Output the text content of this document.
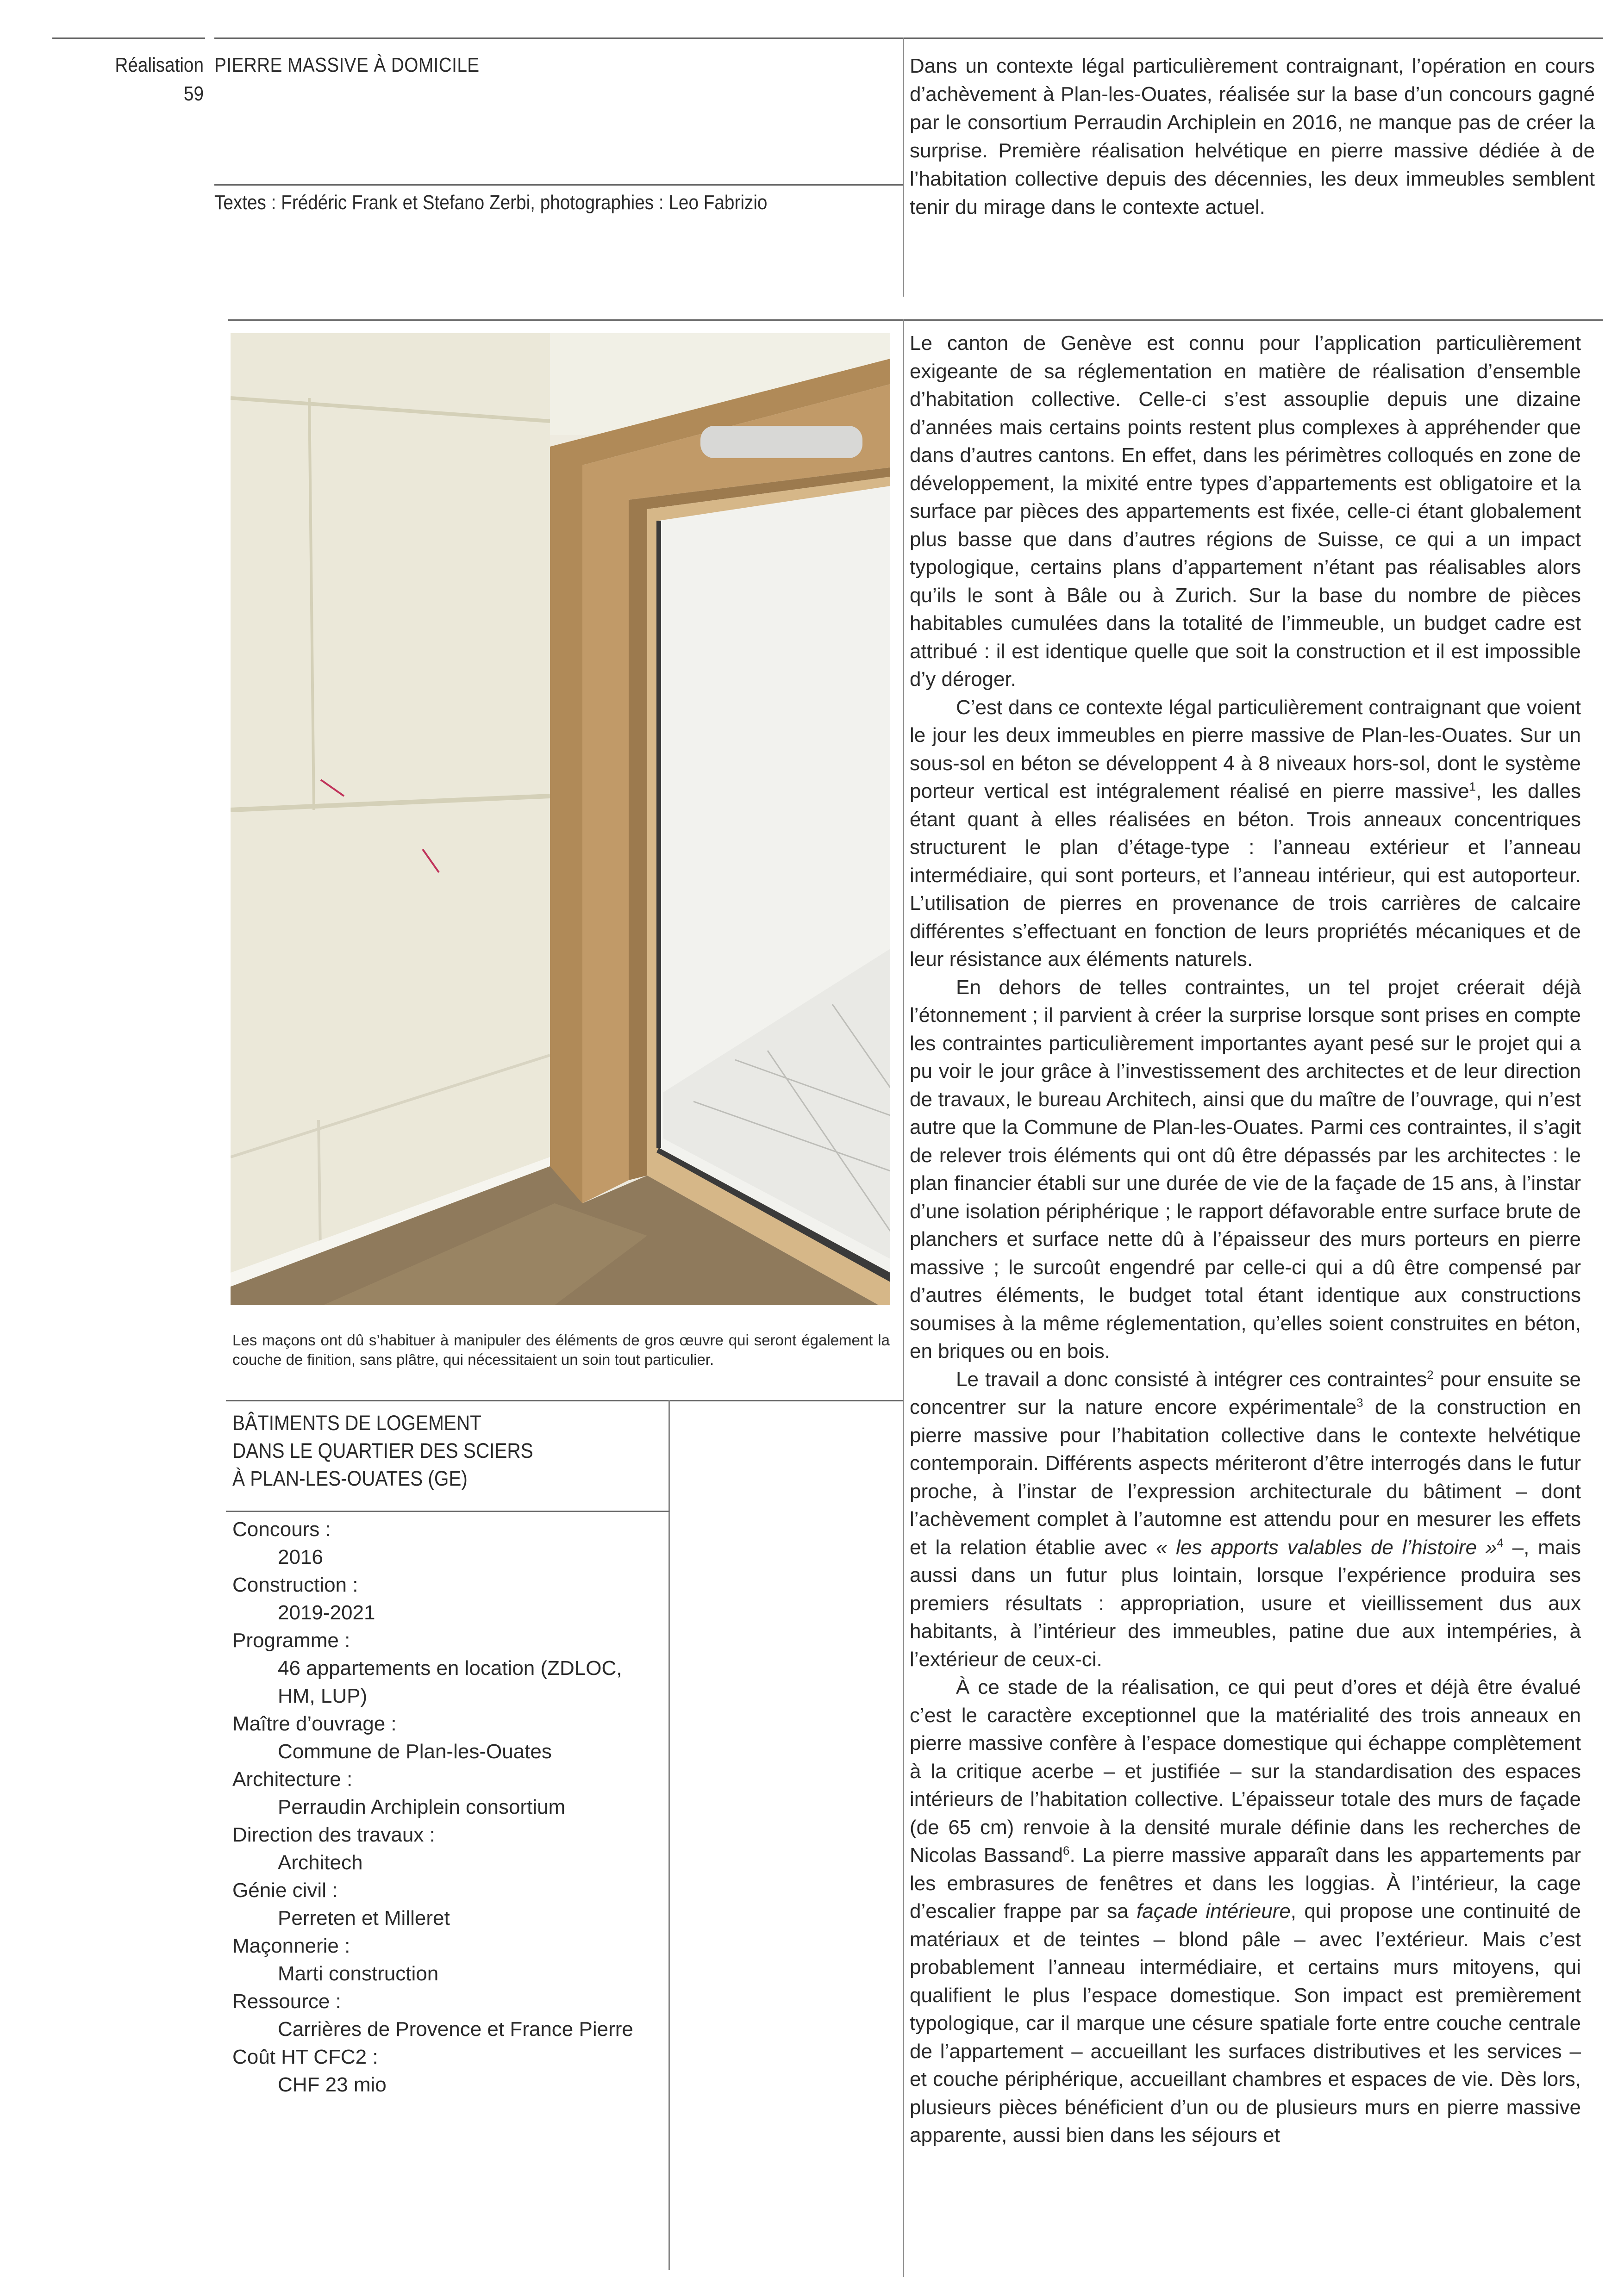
Réalisation
59
PIERRE MASSIVE À DOMICILE
Textes : Frédéric Frank et Stefano Zerbi, photographies : Leo Fabrizio
Dans un contexte légal particulièrement contraignant, l’opération en cours d’achèvement à Plan-les-Ouates, réalisée sur la base d’un concours gagné par le consortium Perraudin Archiplein en 2016, ne manque pas de créer la surprise. Première réalisation helvétique en pierre massive dédiée à de l’habitation collective depuis des décennies, les deux immeubles semblent tenir du mirage dans le contexte actuel.
Les maçons ont dû s’habituer à manipuler des éléments de gros œuvre qui seront également la couche de finition, sans plâtre, qui nécessitaient un soin tout particulier.
BÂTIMENTS DE LOGEMENT
DANS LE QUARTIER DES SCIERS
À PLAN-LES-OUATES (GE)
Concours :
2016
Construction :
2019-2021
Programme :
46 appartements en location (ZDLOC, HM, LUP)
Maître d’ouvrage :
Commune de Plan-les-Ouates
Architecture :
Perraudin Archiplein consortium
Direction des travaux :
Architech
Génie civil :
Perreten et Milleret
Maçonnerie :
Marti construction
Ressource :
Carrières de Provence et France Pierre
Coût HT CFC2 :
CHF 23 mio

Le canton de Genève est connu pour l’application particulièrement exigeante de sa réglementation en matière de réalisation d’ensemble d’habitation collective. Celle-ci s’est assouplie depuis une dizaine d’années mais certains points restent plus complexes à appréhender que dans d’autres cantons. En effet, dans les périmètres colloqués en zone de développement, la mixité entre types d’appartements est obligatoire et la surface par pièces des appartements est fixée, celle-ci étant globalement plus basse que dans d’autres régions de Suisse, ce qui a un impact typologique, certains plans d’appartement n’étant pas réalisables alors qu’ils le sont à Bâle ou à Zurich. Sur la base du nombre de pièces habitables cumulées dans la totalité de l’immeuble, un budget cadre est attribué : il est identique quelle que soit la construction et il est impossible d’y déroger.

C’est dans ce contexte légal particulièrement contraignant que voient le jour les deux immeubles en pierre massive de Plan-les-Ouates. Sur un sous-sol en béton se développent 4 à 8 niveaux hors-sol, dont le système porteur vertical est intégralement réalisé en pierre massive$^1$, les dalles étant quant à elles réalisées en béton. Trois anneaux concentriques structurent le plan d’étage-type : l’anneau extérieur et l’anneau intermédiaire, qui sont porteurs, et l’anneau intérieur, qui est autoporteur. L’utilisation de pierres en provenance de trois carrières de calcaire différentes s’effectuant en fonction de leurs propriétés mécaniques et de leur résistance aux éléments naturels.

En dehors de telles contraintes, un tel projet créerait déjà l’étonnement ; il parvient à créer la surprise lorsque sont prises en compte les contraintes particulièrement importantes ayant pesé sur le projet qui a pu voir le jour grâce à l’investissement des architectes et de leur direction de travaux, le bureau Architech, ainsi que du maître de l’ouvrage, qui n’est autre que la Commune de Plan-les-Ouates. Parmi ces contraintes, il s’agit de relever trois éléments qui ont dû être dépassés par les architectes : le plan financier établi sur une durée de vie de la façade de 15 ans, à l’instar d’une isolation périphérique ; le rapport défavorable entre surface brute de planchers et surface nette dû à l’épaisseur des murs porteurs en pierre massive ; le surcoût engendré par celle-ci qui a dû être compensé par d’autres éléments, le budget total étant identique aux constructions soumises à la même réglementation, qu’elles soient construites en béton, en briques ou en bois.

Le travail a donc consisté à intégrer ces contraintes$^2$ pour ensuite se concentrer sur la nature encore expérimentale$^3$ de la construction en pierre massive pour l’habitation collective dans le contexte helvétique contemporain. Différents aspects mériteront d’être interrogés dans le futur proche, à l’instar de l’expression architecturale du bâtiment – dont l’achèvement complet à l’automne est attendu pour en mesurer les effets et la relation établie avec « les apports valables de l’histoire »$^4$ –, mais aussi dans un futur plus lointain, lorsque l’expérience produira ses premiers résultats : appropriation, usure et vieillissement dus aux habitants, à l’intérieur des immeubles, patine due aux intempéries, à l’extérieur de ceux-ci.

À ce stade de la réalisation, ce qui peut d’ores et déjà être évalué c’est le caractère exceptionnel que la matérialité des trois anneaux en pierre massive confère à l’espace domestique qui échappe complètement à la critique acerbe – et justifiée – sur la standardisation des espaces intérieurs de l’habitation collective. L’épaisseur totale des murs de façade (de 65 cm) renvoie à la densité murale définie dans les recherches de Nicolas Bassand$^6$. La pierre massive apparaît dans les appartements par les embrasures de fenêtres et dans les loggias. À l’intérieur, la cage d’escalier frappe par sa façade intérieure, qui propose une continuité de matériaux et de teintes – blond pâle – avec l’extérieur. Mais c’est probablement l’anneau intermédiaire, et certains murs mitoyens, qui qualifient le plus l’espace domestique. Son impact est premièrement typologique, car il marque une césure spatiale forte entre couche centrale de l’appartement – accueillant les surfaces distributives et les services – et couche périphérique, accueillant chambres et espaces de vie. Dès lors, plusieurs pièces bénéficient d’un ou de plusieurs murs en pierre massive apparente, aussi bien dans les séjours et
